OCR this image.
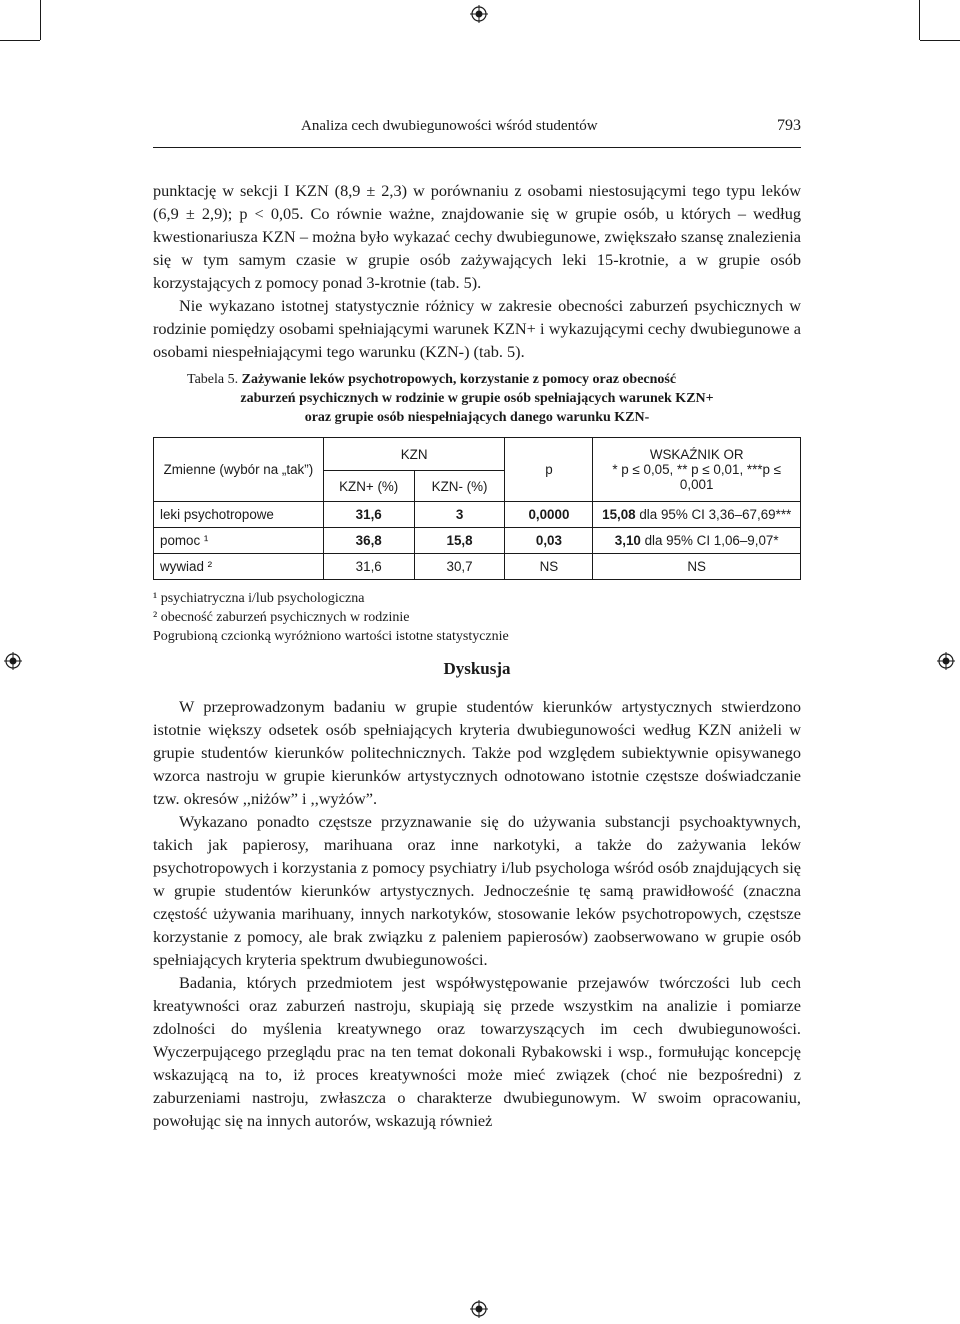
Analiza cech dwubiegunowości wśród studentów	793

punktację w sekcji I KZN (8,9 ± 2,3) w porównaniu z osobami niestosującymi tego typu leków (6,9 ± 2,9); p < 0,05. Co równie ważne, znajdowanie się w grupie osób, u których – według kwestionariusza KZN – można było wykazać cechy dwubiegunowe, zwiększało szansę znalezienia się w tym samym czasie w grupie osób zażywających leki 15-krotnie, a w grupie osób korzystających z pomocy ponad 3-krotnie (tab. 5).

Nie wykazano istotnej statystycznie różnicy w zakresie obecności zaburzeń psychicznych w rodzinie pomiędzy osobami spełniającymi warunek KZN+ i wykazującymi cechy dwubiegunowe a osobami niespełniającymi tego warunku (KZN-) (tab. 5).

Tabela 5. Zażywanie leków psychotropowych, korzystanie z pomocy oraz obecność
zaburzeń psychicznych w rodzinie w grupie osób spełniających warunek KZN+
oraz grupie osób niespełniających danego warunku KZN-
Zmienne (wybór na „tak”)	KZN		p	WSKAŹNIK OR
* p ≤ 0,05, ** p ≤ 0,01, ***p ≤ 0,001

	KZN+ (%)	KZN- (%)		
leki psychotropowe	31,6	3	0,0000	15,08 dla 95% CI 3,36–67,69***
pomoc ¹	36,8	15,8	0,03	3,10 dla 95% CI 1,06–9,07*
wywiad ²	31,6	30,7	NS	NS
¹ psychiatryczna i/lub psychologiczna
² obecność zaburzeń psychicznych w rodzinie
Pogrubioną czcionką wyróżniono wartości istotne statystycznie
Dyskusja

W przeprowadzonym badaniu w grupie studentów kierunków artystycznych stwierdzono istotnie większy odsetek osób spełniających kryteria dwubiegunowości według KZN aniżeli w grupie studentów kierunków politechnicznych. Także pod względem subiektywnie opisywanego wzorca nastroju w grupie kierunków artystycznych odnotowano istotnie częstsze doświadczanie tzw. okresów ,,niżów” i ,,wyżów”.

Wykazano ponadto częstsze przyznawanie się do używania substancji psychoaktywnych, takich jak papierosy, marihuana oraz inne narkotyki, a także do zażywania leków psychotropowych i korzystania z pomocy psychiatry i/lub psychologa wśród osób znajdujących się w grupie studentów kierunków artystycznych. Jednocześnie tę samą prawidłowość (znaczna częstość używania marihuany, innych narkotyków, stosowanie leków psychotropowych, częstsze korzystanie z pomocy, ale brak związku z paleniem papierosów) zaobserwowano w grupie osób spełniających kryteria spektrum dwubiegunowości.

Badania, których przedmiotem jest współwystępowanie przejawów twórczości lub cech kreatywności oraz zaburzeń nastroju, skupiają się przede wszystkim na analizie i pomiarze zdolności do myślenia kreatywnego oraz towarzyszących im cech dwubiegunowości. Wyczerpującego przeglądu prac na ten temat dokonali Rybakowski i wsp., formułując koncepcję wskazującą na to, iż proces kreatywności może mieć związek (choć nie bezpośredni) z zaburzeniami nastroju, zwłaszcza o charakterze dwubiegunowym. W swoim opracowaniu, powołując się na innych autorów, wskazują również
